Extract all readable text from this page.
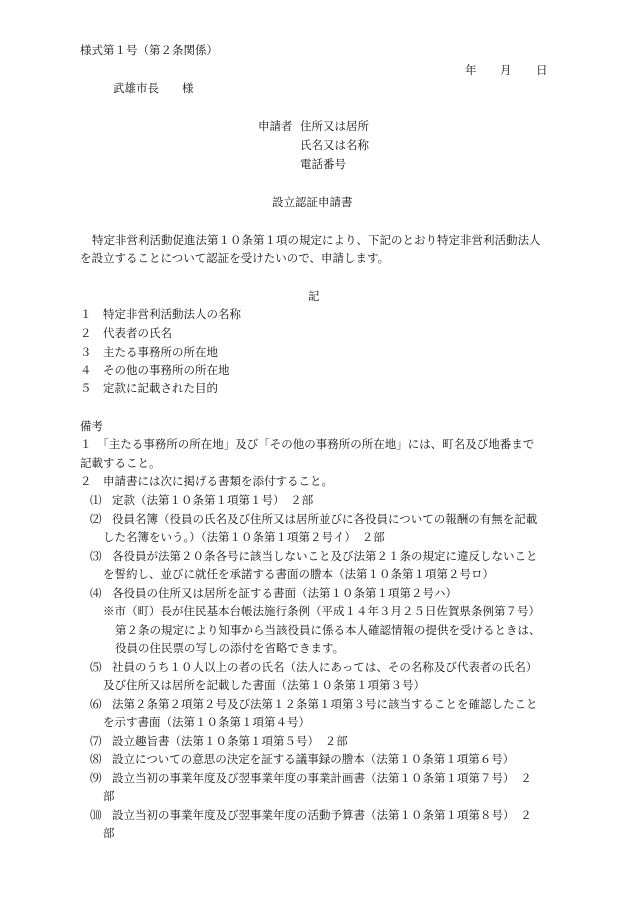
様式第１号（第２条関係）
年 月 日
武雄市長　　様
申請者 住所又は居所
氏名又は名称
電話番号
設立認証申請書
特定非営利活動促進法第１０条第１項の規定により、下記のとおり特定非営利活動法人
を設立することについて認証を受けたいので、申請します。
記
１ 特定非営利活動法人の名称
２ 代表者の氏名
３ 主たる事務所の所在地
４ その他の事務所の所在地
５ 定款に記載された目的
備考
１　「主たる事務所の所在地」及び「その他の事務所の所在地」には、町名及び地番まで
記載すること。
２　申請書には次に掲げる書類を添付すること。
⑴ 定款（法第１０条第１項第１号）　２部
⑵ 役員名簿（役員の氏名及び住所又は居所並びに各役員についての報酬の有無を記載
した名簿をいう。）（法第１０条第１項第２号イ）　２部
⑶ 各役員が法第２０条各号に該当しないこと及び法第２１条の規定に違反しないこと
を誓約し、並びに就任を承諾する書面の謄本（法第１０条第１項第２号ロ）
⑷ 各役員の住所又は居所を証する書面（法第１０条第１項第２号ハ）
※市（町）長が住民基本台帳法施行条例（平成１４年３月２５日佐賀県条例第７号）
第２条の規定により知事から当該役員に係る本人確認情報の提供を受けるときは、
役員の住民票の写しの添付を省略できます。
⑸ 社員のうち１０人以上の者の氏名（法人にあっては、その名称及び代表者の氏名）
及び住所又は居所を記載した書面（法第１０条第１項第３号）
⑹ 法第２条第２項第２号及び法第１２条第１項第３号に該当することを確認したこと
を示す書面（法第１０条第１項第４号）
⑺ 設立趣旨書（法第１０条第１項第５号）　２部
⑻ 設立についての意思の決定を証する議事録の謄本（法第１０条第１項第６号）
⑼ 設立当初の事業年度及び翌事業年度の事業計画書（法第１０条第１項第７号）　２
部
⑽ 設立当初の事業年度及び翌事業年度の活動予算書（法第１０条第１項第８号）　２
部
